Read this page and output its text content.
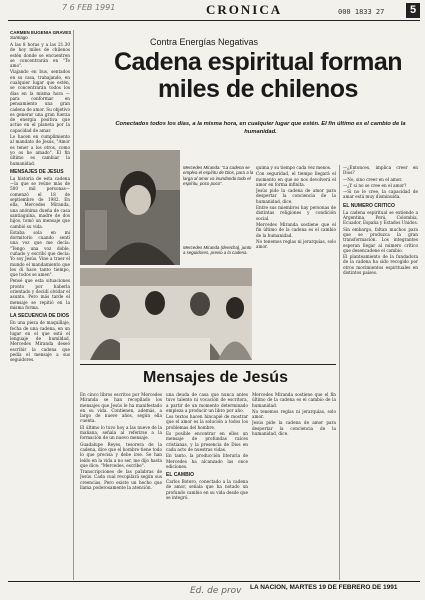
7 6 FEB 1991	CRONICA	000 1833 27	5
CARMEN EUGENIA GRAVES
Santiago	Contra Energías Negativas
Cadena espiritual forman miles de chilenos
Conectados todos los días, a la misma hora, en cualquier lugar que estén. El fin último es el cambio de la humanidad.

A las 8 horas y a las 21.30 de hoy miles de chilenos estén donde se encuentren se concentrarán en "Te amo".

Viajando en bus, sentados en su casa, trabajando, en cualquier lugar que estén, se concentrarán todos los días en la misma hora —para conformar en pensamiento una gran cadena de amor. Su objetivo es generar una gran fuerza de energía positiva que actúe en el planeta por la capacidad de amar.

Lo hacen en cumplimiento al mandato de Jesús, "Amor es tener a los otros, como yo os he amado". El fin último es cambiar la humanidad.

MENSAJES DE JESUS

La historia de esta cadena —la que se reúne más de 500 mil personas— comenzó el 18 de septiembre de 1982. En ella, Mercedes Miranda, una anónima dueña de casa santiaguina, madre de dos hijos, tomó un mensaje que cambió su vida.

Estaba sola en mi dormitorio cuando sentí una voz que me decía: "Tengo una voz doble, cuñado y escribí que decía: Yo soy Jesús. Vine a traer el mundo el mandamiento que les di hace tanto tiempo, que todos se amen".

Pensé que esta situaciones pronto por haberla orientado y decidí olvidar el asunto. Pero más tarde el mensaje se repitió en la misma forma.

LA SECUENCIA DE DIOS

En una pieza de maquillaje, fecha de una cadena, en un lugar en el que está el lenguaje de humildad, Mercedes Miranda deseó escribir la cadena que pedía el mensaje a sus seguidores.

Mercedes Miranda: "La cadena se emplea el espíritu de Dios, para a la larga al amor va inundando todo el espíritu, poco poco".
Mercedes Miranda (derecha), junto a seguidores, previo a la cadena.

quima y su tiempo cada vez menos.

Con seguridad, el tiempo llegará el momento en que se nos devolverá el amor en forma infinita.

Jesús pide la cadena de amor para despertar la conciencia de la humanidad, dice.

Entre sus miembros hay personas de distintas religiones y condición social.

Mercedes Miranda sostiene que el fin último de la cadena es el cambio de la humanidad.

No tenemos reglas ni jerarquías, solo amor.

—¿Entonces, implica creer en Dios?

—No, sino creer en el amor.

—¿Y si no se cree en el amor?

—Si no le cree, la capacidad de amar está muy disminuida.

EL NUMERO CRITICO

La cadena espiritual se extiende a Argentina, Perú, Colombia, Ecuador, España y Estados Unidos.

Sin embargo, faltan muchos para que se produzca la gran transformación. Los integrantes esperan llegar al número crítico que desencadene el cambio.

El planteamiento de la fundadora de la cadena ha sido recogido por otros movimientos espirituales en distintos países.

Mensajes de Jesús

En cinco libros escritos por Mercedes Miranda se han recopilado los mensajes que Jesús le ha manifestado en su vida. Contienen, además, a largo de nueve años, según ella cuenta.

El último lo tuvo hoy a las nueve de la mañana, señala al referirse a la formación de un nuevo mensaje.

Guadalupe Reyes, tesorera de la cadena, dice que el hombre tiene todo lo que precisa y debe irse. Se han leído en la vida a no ser, me dijo hasta que dice: "Mercedes, escribe".

Transcripciones de las palabras de Jesús. Cada cual recopilará según sus creencias. Pero existe un hecho que llama poderosamente la atención.

una deuda de casa que nunca antes tuvo talento ni vocación de escritora, a partir de un momento determinado empieza a producir un libro por año.

Los textos hacen hincapié de mostrar que el amor es la solución a todos los problemas del hombre.

Es posible encontrar en ellos un mensaje de profundas raíces cristianas, y la presencia de Dios en cada acto de nuestras vidas.

En tanto, la producción literaria de Mercedes ha alcanzado las once ediciones.

EL CAMBIO

Carlos Botero, conectado a la cadena de amor, señala que ha notado un profundo cambio en su vida desde que se integró.

Mercedes Miranda sostiene que el fin último de la cadena es el cambio de la humanidad.

No tenemos reglas ni jerarquías, solo amor.

Jesús pide la cadena de amor para despertar la conciencia de la humanidad, dice.

Ed. de prov LA NACION, MARTES 19 DE FEBRERO DE 1991
